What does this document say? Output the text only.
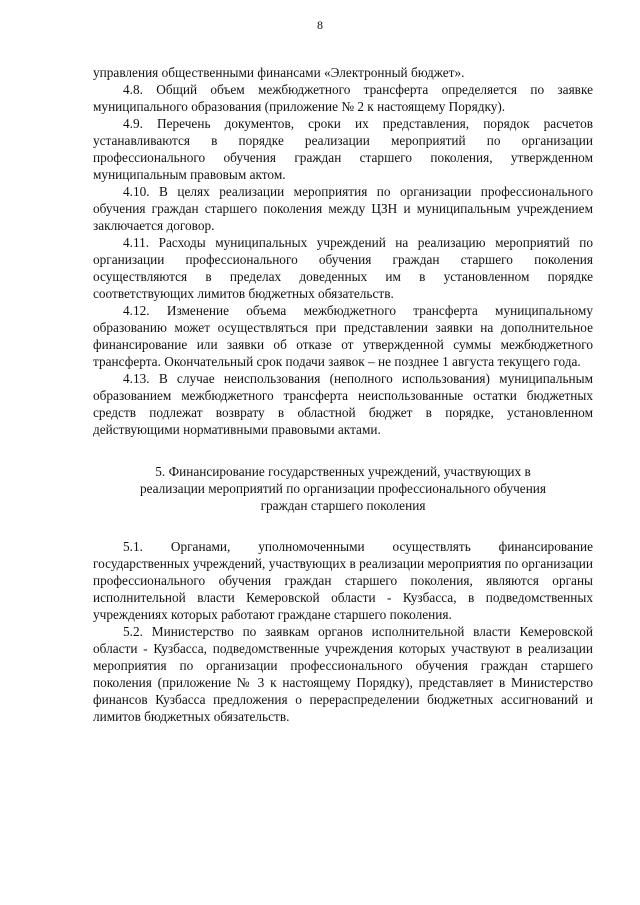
8

управления общественными финансами «Электронный бюджет».

4.8. Общий объем межбюджетного трансферта определяется по заявке муниципального образования (приложение № 2 к настоящему Порядку).

4.9. Перечень документов, сроки их представления, порядок расчетов устанавливаются в порядке реализации мероприятий по организации профессионального обучения граждан старшего поколения, утвержденном муниципальным правовым актом.

4.10. В целях реализации мероприятия по организации профессионального обучения граждан старшего поколения между ЦЗН и муниципальным учреждением заключается договор.

4.11. Расходы муниципальных учреждений на реализацию мероприятий по организации профессионального обучения граждан старшего поколения осуществляются в пределах доведенных им в установленном порядке соответствующих лимитов бюджетных обязательств.

4.12. Изменение объема межбюджетного трансферта муниципальному образованию может осуществляться при представлении заявки на дополнительное финансирование или заявки об отказе от утвержденной суммы межбюджетного трансферта. Окончательный срок подачи заявок – не позднее 1 августа текущего года.

4.13. В случае неиспользования (неполного использования) муниципальным образованием межбюджетного трансферта неиспользованные остатки бюджетных средств подлежат возврату в областной бюджет в порядке, установленном действующими нормативными правовыми актами.

5. Финансирование государственных учреждений, участвующих в
реализации мероприятий по организации профессионального обучения
граждан старшего поколения

5.1. Органами, уполномоченными осуществлять финансирование государственных учреждений, участвующих в реализации мероприятия по организации профессионального обучения граждан старшего поколения, являются органы исполнительной власти Кемеровской области - Кузбасса, в подведомственных учреждениях которых работают граждане старшего поколения.

5.2. Министерство по заявкам органов исполнительной власти Кемеровской области - Кузбасса, подведомственные учреждения которых участвуют в реализации мероприятия по организации профессионального обучения граждан старшего поколения (приложение № 3 к настоящему Порядку), представляет в Министерство финансов Кузбасса предложения о перераспределении бюджетных ассигнований и лимитов бюджетных обязательств.
